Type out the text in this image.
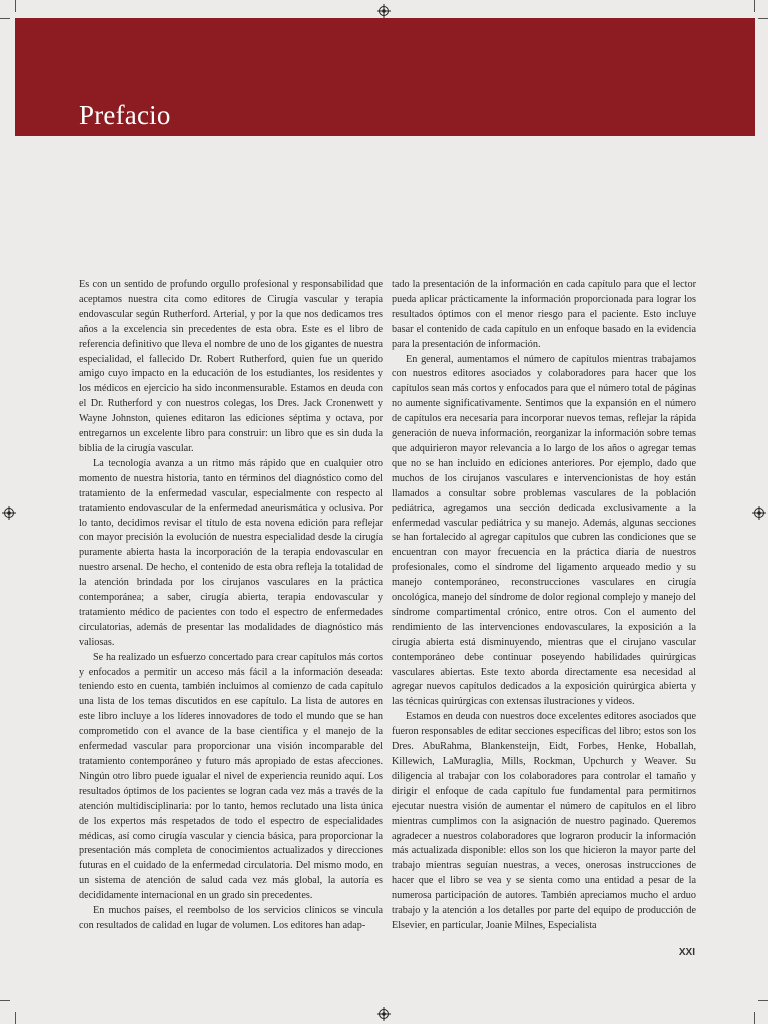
Prefacio

Es con un sentido de profundo orgullo profesional y responsabilidad que aceptamos nuestra cita como editores de Cirugía vascular y terapia endovascular según Rutherford. Arterial, y por la que nos dedicamos tres años a la excelencia sin precedentes de esta obra. Este es el libro de referencia definitivo que lleva el nombre de uno de los gigantes de nuestra especialidad, el fallecido Dr. Robert Rutherford, quien fue un querido amigo cuyo impacto en la educación de los estudiantes, los residentes y los médicos en ejercicio ha sido inconmensurable. Estamos en deuda con el Dr. Rutherford y con nuestros colegas, los Dres. Jack Cronenwett y Wayne Johnston, quienes editaron las ediciones séptima y octava, por entregarnos un excelente libro para construir: un libro que es sin duda la biblia de la cirugía vascular.

La tecnología avanza a un ritmo más rápido que en cualquier otro momento de nuestra historia, tanto en términos del diagnóstico como del tratamiento de la enfermedad vascular, especialmente con respecto al tratamiento endovascular de la enfermedad aneurismática y oclusiva. Por lo tanto, decidimos revisar el título de esta novena edición para reflejar con mayor precisión la evolución de nuestra especialidad desde la cirugía puramente abierta hasta la incorporación de la terapia endovascular en nuestro arsenal. De hecho, el contenido de esta obra refleja la totalidad de la atención brindada por los cirujanos vasculares en la práctica contemporánea; a saber, cirugía abierta, terapia endovascular y tratamiento médico de pacientes con todo el espectro de enfermedades circulatorias, además de presentar las modalidades de diagnóstico más valiosas.

Se ha realizado un esfuerzo concertado para crear capítulos más cortos y enfocados a permitir un acceso más fácil a la información deseada: teniendo esto en cuenta, también incluimos al comienzo de cada capítulo una lista de los temas discutidos en ese capítulo. La lista de autores en este libro incluye a los líderes innovadores de todo el mundo que se han comprometido con el avance de la base científica y el manejo de la enfermedad vascular para proporcionar una visión incomparable del tratamiento contemporáneo y futuro más apropiado de estas afecciones. Ningún otro libro puede igualar el nivel de experiencia reunido aquí. Los resultados óptimos de los pacientes se logran cada vez más a través de la atención multidisciplinaria: por lo tanto, hemos reclutado una lista única de los expertos más respetados de todo el espectro de especialidades médicas, así como cirugía vascular y ciencia básica, para proporcionar la presentación más completa de conocimientos actualizados y direcciones futuras en el cuidado de la enfermedad circulatoria. Del mismo modo, en un sistema de atención de salud cada vez más global, la autoría es decididamente internacional en un grado sin precedentes.

En muchos países, el reembolso de los servicios clínicos se vincula con resultados de calidad en lugar de volumen. Los editores han adap-

tado la presentación de la información en cada capítulo para que el lector pueda aplicar prácticamente la información proporcionada para lograr los resultados óptimos con el menor riesgo para el paciente. Esto incluye basar el contenido de cada capítulo en un enfoque basado en la evidencia para la presentación de información.

En general, aumentamos el número de capítulos mientras trabajamos con nuestros editores asociados y colaboradores para hacer que los capítulos sean más cortos y enfocados para que el número total de páginas no aumente significativamente. Sentimos que la expansión en el número de capítulos era necesaria para incorporar nuevos temas, reflejar la rápida generación de nueva información, reorganizar la información sobre temas que adquirieron mayor relevancia a lo largo de los años o agregar temas que no se han incluido en ediciones anteriores. Por ejemplo, dado que muchos de los cirujanos vasculares e intervencionistas de hoy están llamados a consultar sobre problemas vasculares de la población pediátrica, agregamos una sección dedicada exclusivamente a la enfermedad vascular pediátrica y su manejo. Además, algunas secciones se han fortalecido al agregar capítulos que cubren las condiciones que se encuentran con mayor frecuencia en la práctica diaria de nuestros profesionales, como el síndrome del ligamento arqueado medio y su manejo contemporáneo, reconstrucciones vasculares en cirugía oncológica, manejo del síndrome de dolor regional complejo y manejo del síndrome compartimental crónico, entre otros. Con el aumento del rendimiento de las intervenciones endovasculares, la exposición a la cirugía abierta está disminuyendo, mientras que el cirujano vascular contemporáneo debe continuar poseyendo habilidades quirúrgicas vasculares abiertas. Este texto aborda directamente esa necesidad al agregar nuevos capítulos dedicados a la exposición quirúrgica abierta y las técnicas quirúrgicas con extensas ilustraciones y videos.

Estamos en deuda con nuestros doce excelentes editores asociados que fueron responsables de editar secciones específicas del libro; estos son los Dres. AbuRahma, Blankensteijn, Eidt, Forbes, Henke, Hoballah, Killewich, LaMuraglia, Mills, Rockman, Upchurch y Weaver. Su diligencia al trabajar con los colaboradores para controlar el tamaño y dirigir el enfoque de cada capítulo fue fundamental para permitirnos ejecutar nuestra visión de aumentar el número de capítulos en el libro mientras cumplimos con la asignación de nuestro paginado. Queremos agradecer a nuestros colaboradores que lograron producir la información más actualizada disponible: ellos son los que hicieron la mayor parte del trabajo mientras seguían nuestras, a veces, onerosas instrucciones de hacer que el libro se vea y se sienta como una entidad a pesar de la numerosa participación de autores. También apreciamos mucho el arduo trabajo y la atención a los detalles por parte del equipo de producción de Elsevier, en particular, Joanie Milnes, Especialista

XXI
